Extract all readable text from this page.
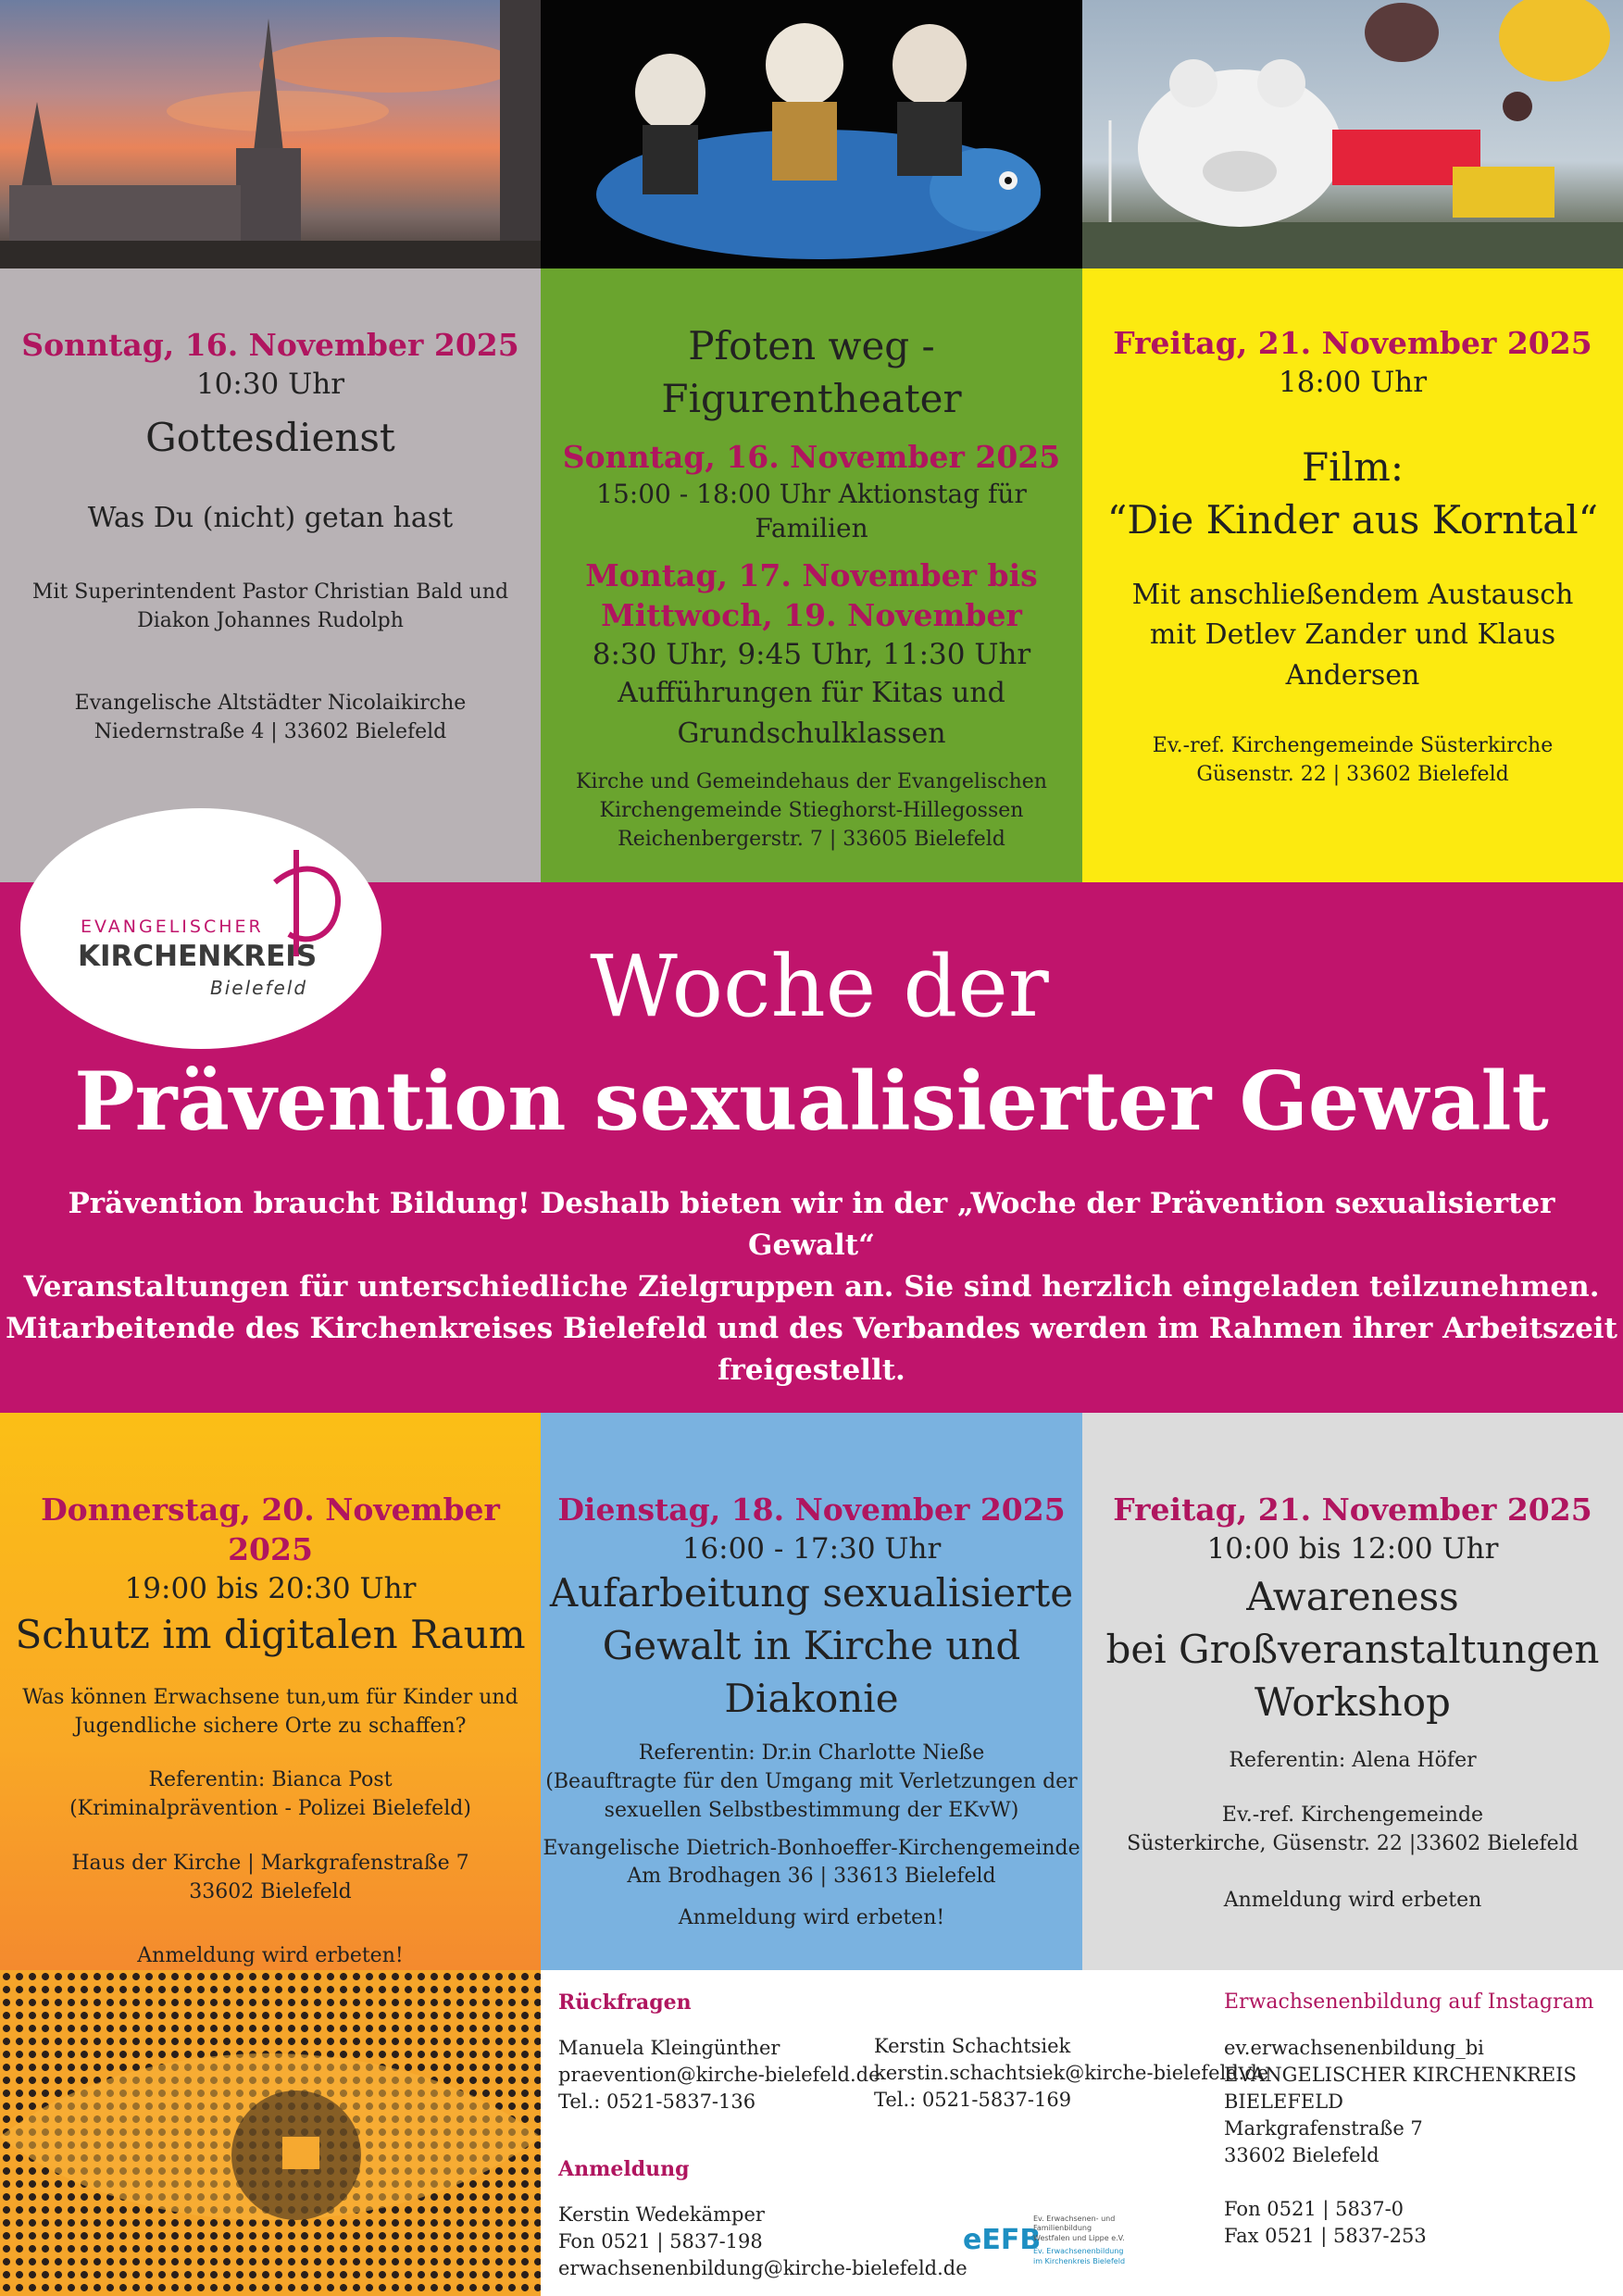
Sonntag, 16. November 2025
10:30 Uhr
Gottesdienst
Was Du (nicht) getan hast
Mit Superintendent Pastor Christian Bald und
Diakon Johannes Rudolph
Evangelische Altstädter Nicolaikirche
Niedernstraße 4 | 33602 Bielefeld
Pfoten weg - Figurentheater
Sonntag, 16. November 2025
15:00 - 18:00 Uhr Aktionstag für Familien
Montag, 17. November bis
Mittwoch, 19. November
8:30 Uhr, 9:45 Uhr, 11:30 Uhr
Aufführungen für Kitas und
Grundschulklassen
Kirche und Gemeindehaus der Evangelischen
Kirchengemeinde Stieghorst-Hillegossen
Reichenbergerstr. 7 | 33605 Bielefeld
Freitag, 21. November 2025
18:00 Uhr
Film:
“Die Kinder aus Korntal“
Mit anschließendem Austausch
mit Detlev Zander und Klaus Andersen
Ev.-ref. Kirchengemeinde Süsterkirche
Güsenstr. 22 | 33602 Bielefeld
EVANGELISCHER
KIRCHENKREIS
Bielefeld	Woche der
Prävention sexualisierter Gewalt
Prävention braucht Bildung! Deshalb bieten wir in der „Woche der Prävention sexualisierter Gewalt“
Veranstaltungen für unterschiedliche Zielgruppen an. Sie sind herzlich eingeladen teilzunehmen.
Mitarbeitende des Kirchenkreises Bielefeld und des Verbandes werden im Rahmen ihrer Arbeitszeit
freigestellt.
Donnerstag, 20. November 2025
19:00 bis 20:30 Uhr
Schutz im digitalen Raum
Was können Erwachsene tun,um für Kinder und
Jugendliche sichere Orte zu schaffen?
Referentin: Bianca Post
(Kriminalprävention - Polizei Bielefeld)
Haus der Kirche | Markgrafenstraße 7
33602 Bielefeld
Anmeldung wird erbeten!
Dienstag, 18. November 2025
16:00 - 17:30 Uhr
Aufarbeitung sexualisierte
Gewalt in Kirche und
Diakonie
Referentin: Dr.in Charlotte Nieße
(Beauftragte für den Umgang mit Verletzungen der
sexuellen Selbstbestimmung der EKvW)
Evangelische Dietrich-Bonhoeffer-Kirchengemeinde
Am Brodhagen 36 | 33613 Bielefeld
Anmeldung wird erbeten!
Freitag, 21. November 2025
10:00 bis 12:00 Uhr
Awareness
bei Großveranstaltungen
Workshop
Referentin: Alena Höfer
Ev.-ref. Kirchengemeinde
Süsterkirche, Güsenstr. 22 |33602 Bielefeld
Anmeldung wird erbeten
Rückfragen
Manuela Kleingünther
praevention@kirche-bielefeld.de
Tel.: 0521-5837-136
Kerstin Schachtsiek
kerstin.schachtsiek@kirche-bielefeld.de
Tel.: 0521-5837-169
Anmeldung
Kerstin Wedekämper
Fon 0521 | 5837-198
erwachsenenbildung@kirche-bielefeld.de
eEFB
Ev. Erwachsenen- und
Familienbildung
Westfalen und Lippe e.V.
Ev. Erwachsenenbildung
im Kirchenkreis Bielefeld
Erwachsenenbildung auf Instagram
ev.erwachsenenbildung_bi
EVANGELISCHER KIRCHENKREIS
BIELEFELD
Markgrafenstraße 7
33602 Bielefeld
Fon 0521 | 5837-0
Fax 0521 | 5837-253
